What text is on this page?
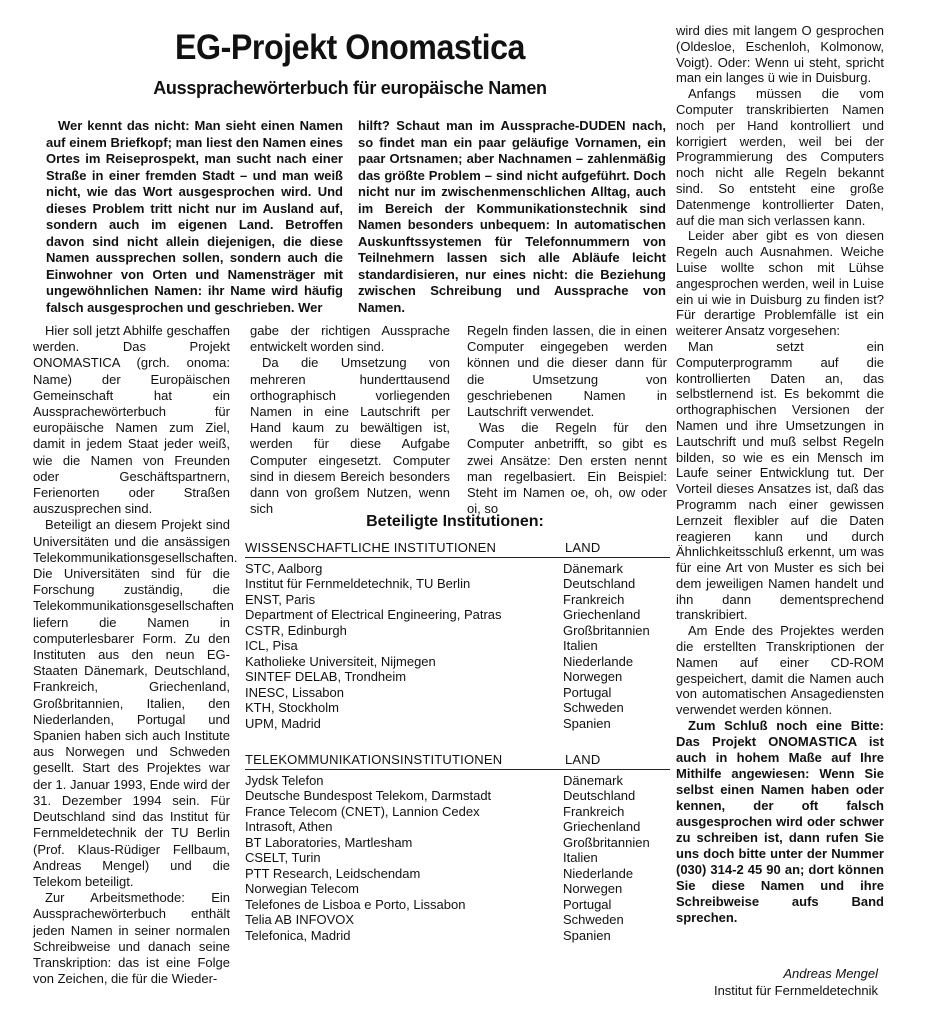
EG-Projekt Onomastica
Aussprachewörterbuch für europäische Namen

Wer kennt das nicht: Man sieht einen Namen auf einem Briefkopf; man liest den Namen eines Ortes im Reiseprospekt, man sucht nach einer Straße in einer fremden Stadt – und man weiß nicht, wie das Wort ausgesprochen wird. Und dieses Problem tritt nicht nur im Ausland auf, sondern auch im eigenen Land. Betroffen davon sind nicht allein diejenigen, die diese Namen aussprechen sollen, sondern auch die Einwohner von Orten und Namensträger mit ungewöhnlichen Namen: ihr Name wird häufig falsch ausgesprochen und geschrieben. Wer

hilft? Schaut man im Aussprache-DUDEN nach, so findet man ein paar geläufige Vornamen, ein paar Ortsnamen; aber Nachnamen – zahlenmäßig das größte Problem – sind nicht aufgeführt. Doch nicht nur im zwischenmenschlichen Alltag, auch im Bereich der Kommunikationstechnik sind Namen besonders unbequem: In automatischen Auskunftssystemen für Telefonnummern von Teilnehmern lassen sich alle Abläufe leicht standardisieren, nur eines nicht: die Beziehung zwischen Schreibung und Aussprache von Namen.

Hier soll jetzt Abhilfe geschaffen werden. Das Projekt ONOMASTICA (grch. onoma: Name) der Europäischen Gemeinschaft hat ein Aussprachewörterbuch für europäische Namen zum Ziel, damit in jedem Staat jeder weiß, wie die Namen von Freunden oder Geschäftspartnern, Ferienorten oder Straßen auszusprechen sind.

Beteiligt an diesem Projekt sind Universitäten und die ansässigen Telekommunikationsgesellschaften. Die Universitäten sind für die Forschung zuständig, die Telekommunikationsgesellschaften liefern die Namen in computerlesbarer Form. Zu den Instituten aus den neun EG-Staaten Dänemark, Deutschland, Frankreich, Griechenland, Großbritannien, Italien, den Niederlanden, Portugal und Spanien haben sich auch Institute aus Norwegen und Schweden gesellt. Start des Projektes war der 1. Januar 1993, Ende wird der 31. Dezember 1994 sein. Für Deutschland sind das Institut für Fernmeldetechnik der TU Berlin (Prof. Klaus-Rüdiger Fellbaum, Andreas Mengel) und die Telekom beteiligt.

Zur Arbeitsmethode: Ein Aussprachewörterbuch enthält jeden Namen in seiner normalen Schreibweise und danach seine Transkription: das ist eine Folge von Zeichen, die für die Wieder-

gabe der richtigen Aussprache entwickelt worden sind.

Da die Umsetzung von mehreren hunderttausend orthographisch vorliegenden Namen in eine Lautschrift per Hand kaum zu bewältigen ist, werden für diese Aufgabe Computer eingesetzt. Computer sind in diesem Bereich besonders dann von großem Nutzen, wenn sich

Regeln finden lassen, die in einen Computer eingegeben werden können und die dieser dann für die Umsetzung von geschriebenen Namen in Lautschrift verwendet.

Was die Regeln für den Computer anbetrifft, so gibt es zwei Ansätze: Den ersten nennt man regelbasiert. Ein Beispiel: Steht im Namen oe, oh, ow oder oi, so

Beteiligte Institutionen:
WISSENSCHAFTLICHE INSTITUTIONEN	LAND
STC, Aalborg	Dänemark
Institut für Fernmeldetechnik, TU Berlin	Deutschland
ENST, Paris	Frankreich
Department of Electrical Engineering, Patras	Griechenland
CSTR, Edinburgh	Großbritannien
ICL, Pisa	Italien
Katholieke Universiteit, Nijmegen	Niederlande
SINTEF DELAB, Trondheim	Norwegen
INESC, Lissabon	Portugal
KTH, Stockholm	Schweden
UPM, Madrid	Spanien
TELEKOMMUNIKATIONSINSTITUTIONEN	LAND
Jydsk Telefon	Dänemark
Deutsche Bundespost Telekom, Darmstadt	Deutschland
France Telecom (CNET), Lannion Cedex	Frankreich
Intrasoft, Athen	Griechenland
BT Laboratories, Martlesham	Großbritannien
CSELT, Turin	Italien
PTT Research, Leidschendam	Niederlande
Norwegian Telecom	Norwegen
Telefones de Lisboa e Porto, Lissabon	Portugal
Telia AB INFOVOX	Schweden
Telefonica, Madrid	Spanien

wird dies mit langem O gesprochen (Oldesloe, Eschenloh, Kolmonow, Voigt). Oder: Wenn ui steht, spricht man ein langes ü wie in Duisburg.

Anfangs müssen die vom Computer transkribierten Namen noch per Hand kontrolliert und korrigiert werden, weil bei der Programmierung des Computers noch nicht alle Regeln bekannt sind. So entsteht eine große Datenmenge kontrollierter Daten, auf die man sich verlassen kann.

Leider aber gibt es von diesen Regeln auch Ausnahmen. Weiche Luise wollte schon mit Lühse angesprochen werden, weil in Luise ein ui wie in Duisburg zu finden ist? Für derartige Problemfälle ist ein weiterer Ansatz vorgesehen:

Man setzt ein Computerprogramm auf die kontrollierten Daten an, das selbstlernend ist. Es bekommt die orthographischen Versionen der Namen und ihre Umsetzungen in Lautschrift und muß selbst Regeln bilden, so wie es ein Mensch im Laufe seiner Entwicklung tut. Der Vorteil dieses Ansatzes ist, daß das Programm nach einer gewissen Lernzeit flexibler auf die Daten reagieren kann und durch Ähnlichkeitsschluß erkennt, um was für eine Art von Muster es sich bei dem jeweiligen Namen handelt und ihn dann dementsprechend transkribiert.

Am Ende des Projektes werden die erstellten Transkriptionen der Namen auf einer CD-ROM gespeichert, damit die Namen auch von automatischen Ansagediensten verwendet werden können.

Zum Schluß noch eine Bitte: Das Projekt ONOMASTICA ist auch in hohem Maße auf Ihre Mithilfe angewiesen: Wenn Sie selbst einen Namen haben oder kennen, der oft falsch ausgesprochen wird oder schwer zu schreiben ist, dann rufen Sie uns doch bitte unter der Nummer (030) 314-2 45 90 an; dort können Sie diese Namen und ihre Schreibweise aufs Band sprechen.

Andreas Mengel
Institut für Fernmeldetechnik
